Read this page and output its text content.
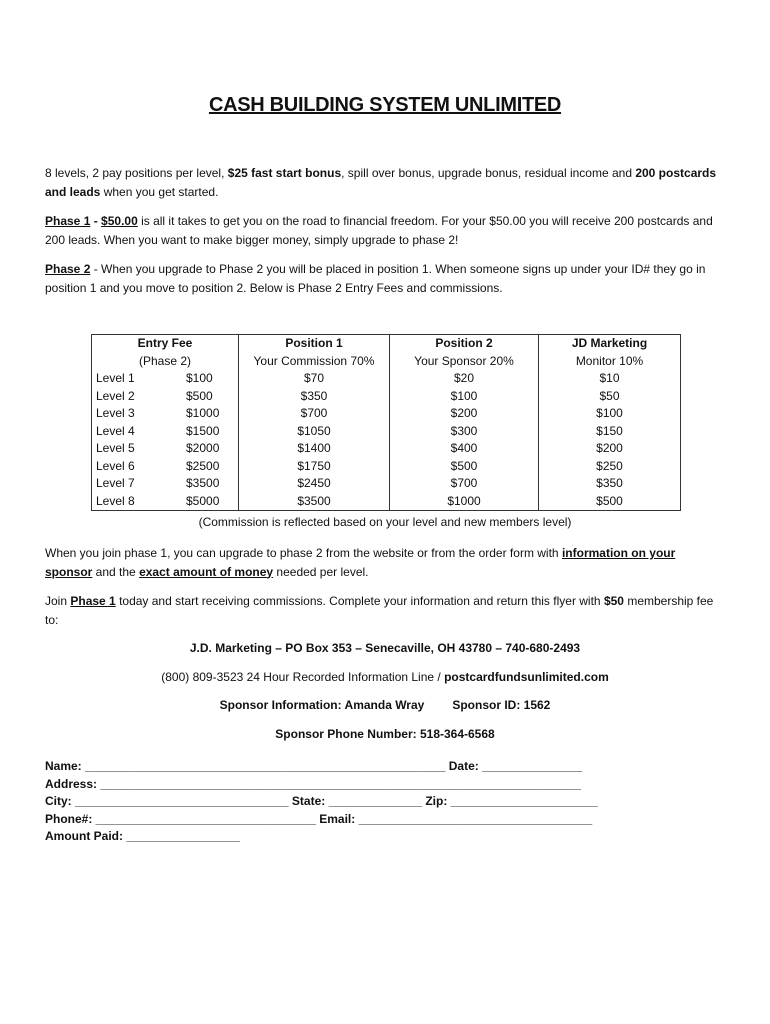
CASH BUILDING SYSTEM UNLIMITED
8 levels, 2 pay positions per level, $25 fast start bonus, spill over bonus, upgrade bonus, residual income and 200 postcards and leads when you get started.
Phase 1 - $50.00 is all it takes to get you on the road to financial freedom. For your $50.00 you will receive 200 postcards and 200 leads. When you want to make bigger money, simply upgrade to phase 2!
Phase 2 - When you upgrade to Phase 2 you will be placed in position 1. When someone signs up under your ID# they go in position 1 and you move to position 2. Below is Phase 2 Entry Fees and commissions.
Entry Fee	Position 1	Position 2	JD Marketing
(Phase 2)	Your Commission 70%	Your Sponsor 20%	Monitor 10%
Level 1 $100	$70	$20	$10
Level 2 $500	$350	$100	$50
Level 3 $1000	$700	$200	$100
Level 4 $1500	$1050	$300	$150
Level 5 $2000	$1400	$400	$200
Level 6 $2500	$1750	$500	$250
Level 7 $3500	$2450	$700	$350
Level 8 $5000	$3500	$1000	$500
(Commission is reflected based on your level and new members level)
When you join phase 1, you can upgrade to phase 2 from the website or from the order form with information on your sponsor and the exact amount of money needed per level.
Join Phase 1 today and start receiving commissions. Complete your information and return this flyer with $50 membership fee to:
J.D. Marketing – PO Box 353 – Senecaville, OH 43780 – 740-680-2493
(800) 809-3523 24 Hour Recorded Information Line / postcardfundsunlimited.com
Sponsor Information: Amanda Wray Sponsor ID: 1562
Sponsor Phone Number: 518-364-6568
Name: ______________________________________________________ Date: _______________
Address: ________________________________________________________________________
City: ________________________________ State: ______________ Zip: ______________________
Phone#: _________________________________ Email: ___________________________________
Amount Paid: _________________
